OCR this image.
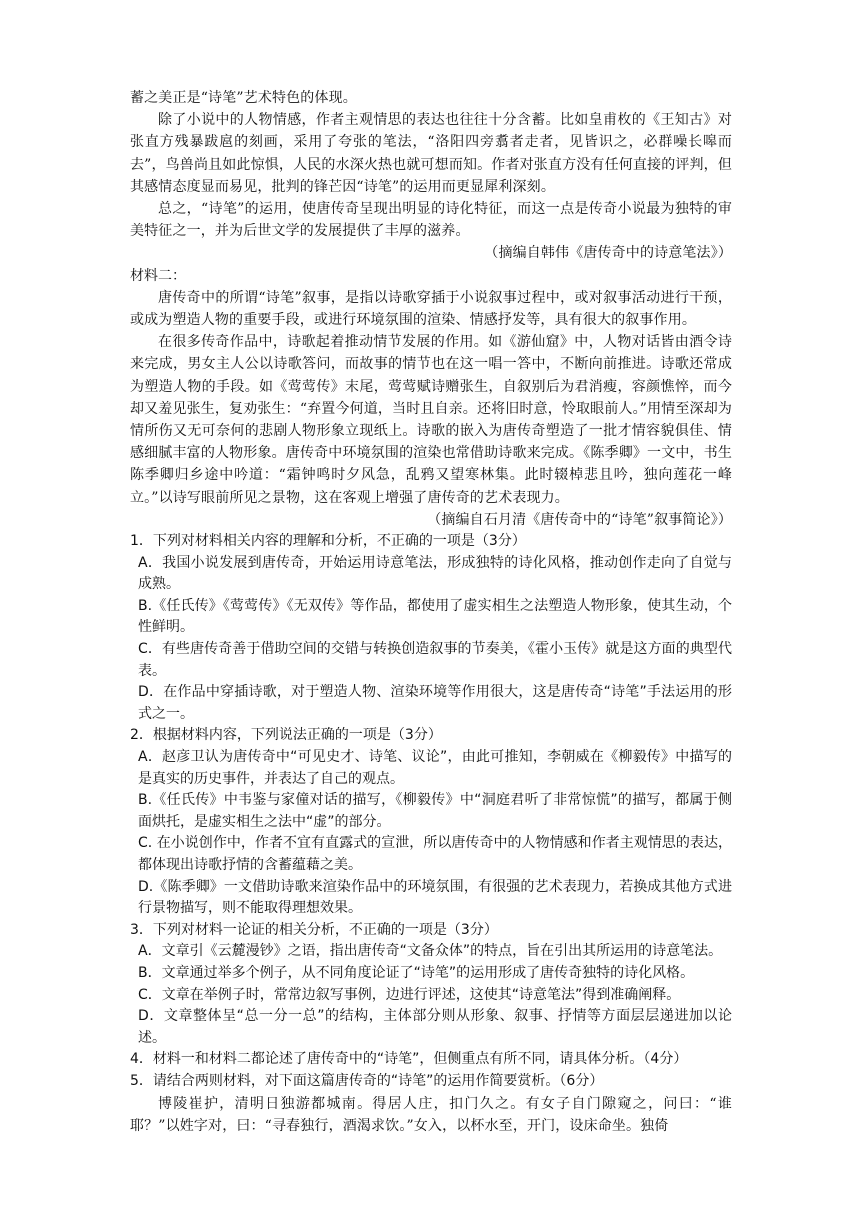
蓄之美正是“诗笔”艺术特色的体现。

除了小说中的人物情感，作者主观情思的表达也往往十分含蓄。比如皇甫枚的《王知古》对张直方残暴跋扈的刻画，采用了夸张的笔法，“洛阳四旁翥者走者，见皆识之，必群噪长嗥而去”，鸟兽尚且如此惊惧，人民的水深火热也就可想而知。作者对张直方没有任何直接的评判，但其感情态度显而易见，批判的锋芒因“诗笔”的运用而更显犀利深刻。

总之，“诗笔”的运用，使唐传奇呈现出明显的诗化特征，而这一点是传奇小说最为独特的审美特征之一，并为后世文学的发展提供了丰厚的滋养。

（摘编自韩伟《唐传奇中的诗意笔法》）

材料二：

唐传奇中的所谓“诗笔”叙事，是指以诗歌穿插于小说叙事过程中，或对叙事活动进行干预，或成为塑造人物的重要手段，或进行环境氛围的渲染、情感抒发等，具有很大的叙事作用。

在很多传奇作品中，诗歌起着推动情节发展的作用。如《游仙窟》中，人物对话皆由酒令诗来完成，男女主人公以诗歌答问，而故事的情节也在这一唱一答中，不断向前推进。诗歌还常成为塑造人物的手段。如《莺莺传》末尾，莺莺赋诗赠张生，自叙别后为君消瘦，容颜憔悴，而今却又羞见张生，复劝张生：“弃置今何道，当时且自亲。还将旧时意，怜取眼前人。”用情至深却为情所伤又无可奈何的悲剧人物形象立现纸上。诗歌的嵌入为唐传奇塑造了一批才情容貌俱佳、情感细腻丰富的人物形象。唐传奇中环境氛围的渲染也常借助诗歌来完成。《陈季卿》一文中，书生陈季卿归乡途中吟道：“霜钟鸣时夕风急，乱鸦又望寒林集。此时辍棹悲且吟，独向莲花一峰立。”以诗写眼前所见之景物，这在客观上增强了唐传奇的艺术表现力。

（摘编自石月清《唐传奇中的“诗笔”叙事简论》）

1．下列对材料相关内容的理解和分析，不正确的一项是（3分）

A．我国小说发展到唐传奇，开始运用诗意笔法，形成独特的诗化风格，推动创作走向了自觉与成熟。

B.《任氏传》《莺莺传》《无双传》等作品，都使用了虚实相生之法塑造人物形象，使其生动，个性鲜明。

C．有些唐传奇善于借助空间的交错与转换创造叙事的节奏美，《霍小玉传》就是这方面的典型代表。

D．在作品中穿插诗歌，对于塑造人物、渲染环境等作用很大，这是唐传奇“诗笔”手法运用的形式之一。

2．根据材料内容，下列说法正确的一项是（3分）

A．赵彦卫认为唐传奇中“可见史才、诗笔、议论”，由此可推知，李朝威在《柳毅传》中描写的是真实的历史事件，并表达了自己的观点。

B.《任氏传》中韦鉴与家僮对话的描写，《柳毅传》中“洞庭君听了非常惊慌”的描写，都属于侧面烘托，是虚实相生之法中“虚”的部分。

C. 在小说创作中，作者不宜有直露式的宣泄，所以唐传奇中的人物情感和作者主观情思的表达，都体现出诗歌抒情的含蓄蕴藉之美。

D.《陈季卿》一文借助诗歌来渲染作品中的环境氛围，有很强的艺术表现力，若换成其他方式进行景物描写，则不能取得理想效果。

3．下列对材料一论证的相关分析，不正确的一项是（3分）

A．文章引《云麓漫钞》之语，指出唐传奇“文备众体”的特点，旨在引出其所运用的诗意笔法。

B．文章通过举多个例子，从不同角度论证了“诗笔”的运用形成了唐传奇独特的诗化风格。

C．文章在举例子时，常常边叙写事例，边进行评述，这使其“诗意笔法”得到准确阐释。

D．文章整体呈“总一分一总”的结构，主体部分则从形象、叙事、抒情等方面层层递进加以论述。

4．材料一和材料二都论述了唐传奇中的“诗笔”，但侧重点有所不同，请具体分析。（4分）

5．请结合两则材料，对下面这篇唐传奇的“诗笔”的运用作简要赏析。（6分）

博陵崔护，清明日独游都城南。得居人庄，扣门久之。有女子自门隙窥之，问曰：“谁耶？”以姓字对，曰：“寻春独行，酒渴求饮。”女入，以杯水至，开门，设床命坐。独倚
